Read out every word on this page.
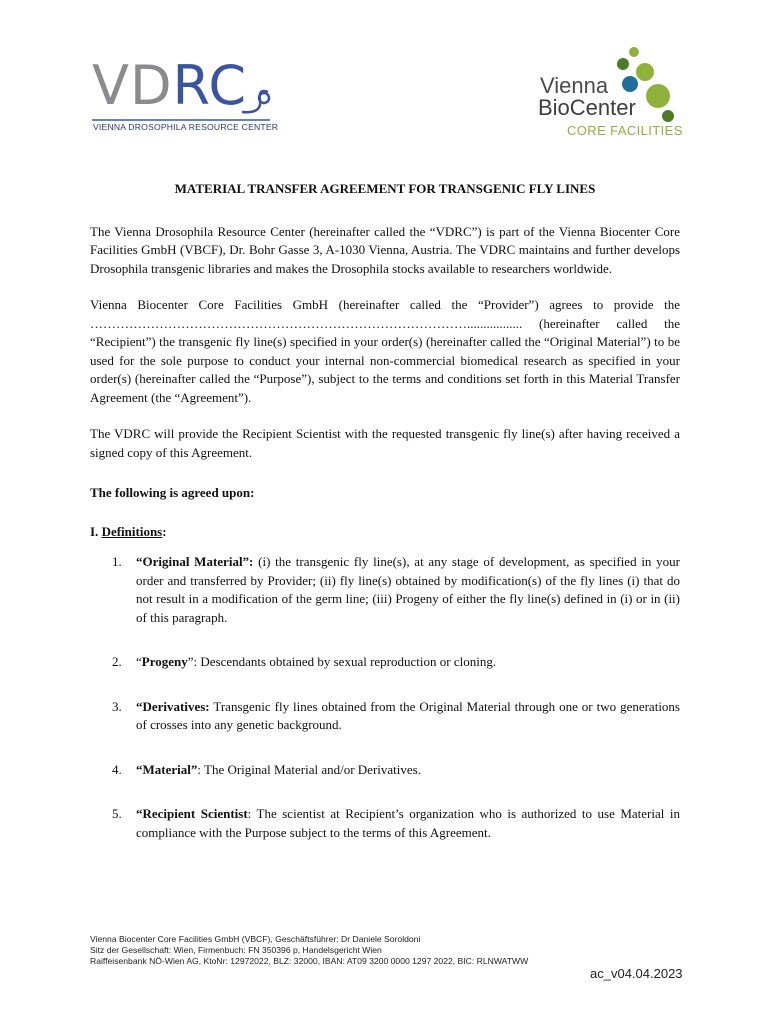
VDRC
VIENNA DROSOPHILA RESOURCE CENTER
Vienna
BioCenter
CORE FACILITIES
MATERIAL TRANSFER AGREEMENT FOR TRANSGENIC FLY LINES

The Vienna Drosophila Resource Center (hereinafter called the “VDRC”) is part of the Vienna Biocenter Core Facilities GmbH (VBCF), Dr. Bohr Gasse 3, A-1030 Vienna, Austria. The VDRC maintains and further develops Drosophila transgenic libraries and makes the Drosophila stocks available to researchers worldwide.

Vienna Biocenter Core Facilities GmbH (hereinafter called the “Provider”) agrees to provide the ……………………………………………………………………………................. (hereinafter called the “Recipient”) the transgenic fly line(s) specified in your order(s) (hereinafter called the “Original Material”) to be used for the sole purpose to conduct your internal non-commercial biomedical research as specified in your order(s) (hereinafter called the “Purpose”), subject to the terms and conditions set forth in this Material Transfer Agreement (the “Agreement”).

The VDRC will provide the Recipient Scientist with the requested transgenic fly line(s) after having received a signed copy of this Agreement.

The following is agreed upon:
I. Definitions:
1. “Original Material”: (i) the transgenic fly line(s), at any stage of development, as specified in your order and transferred by Provider; (ii) fly line(s) obtained by modification(s) of the fly lines (i) that do not result in a modification of the germ line; (iii) Progeny of either the fly line(s) defined in (i) or in (ii) of this paragraph.
2. “Progeny”: Descendants obtained by sexual reproduction or cloning.
3. “Derivatives: Transgenic fly lines obtained from the Original Material through one or two generations of crosses into any genetic background.
4. “Material”: The Original Material and/or Derivatives.
5. “Recipient Scientist: The scientist at Recipient’s organization who is authorized to use Material in compliance with the Purpose subject to the terms of this Agreement.
Vienna Biocenter Core Facilities GmbH (VBCF), Geschäftsführer: Dr Daniele Soroldoni
Sitz der Gesellschaft: Wien, Firmenbuch: FN 350396 p, Handelsgericht Wien
Raiffeisenbank NÖ-Wien AG, KtoNr: 12972022, BLZ: 32000, IBAN: AT09 3200 0000 1297 2022, BIC: RLNWATWW
ac_v04.04.2023
